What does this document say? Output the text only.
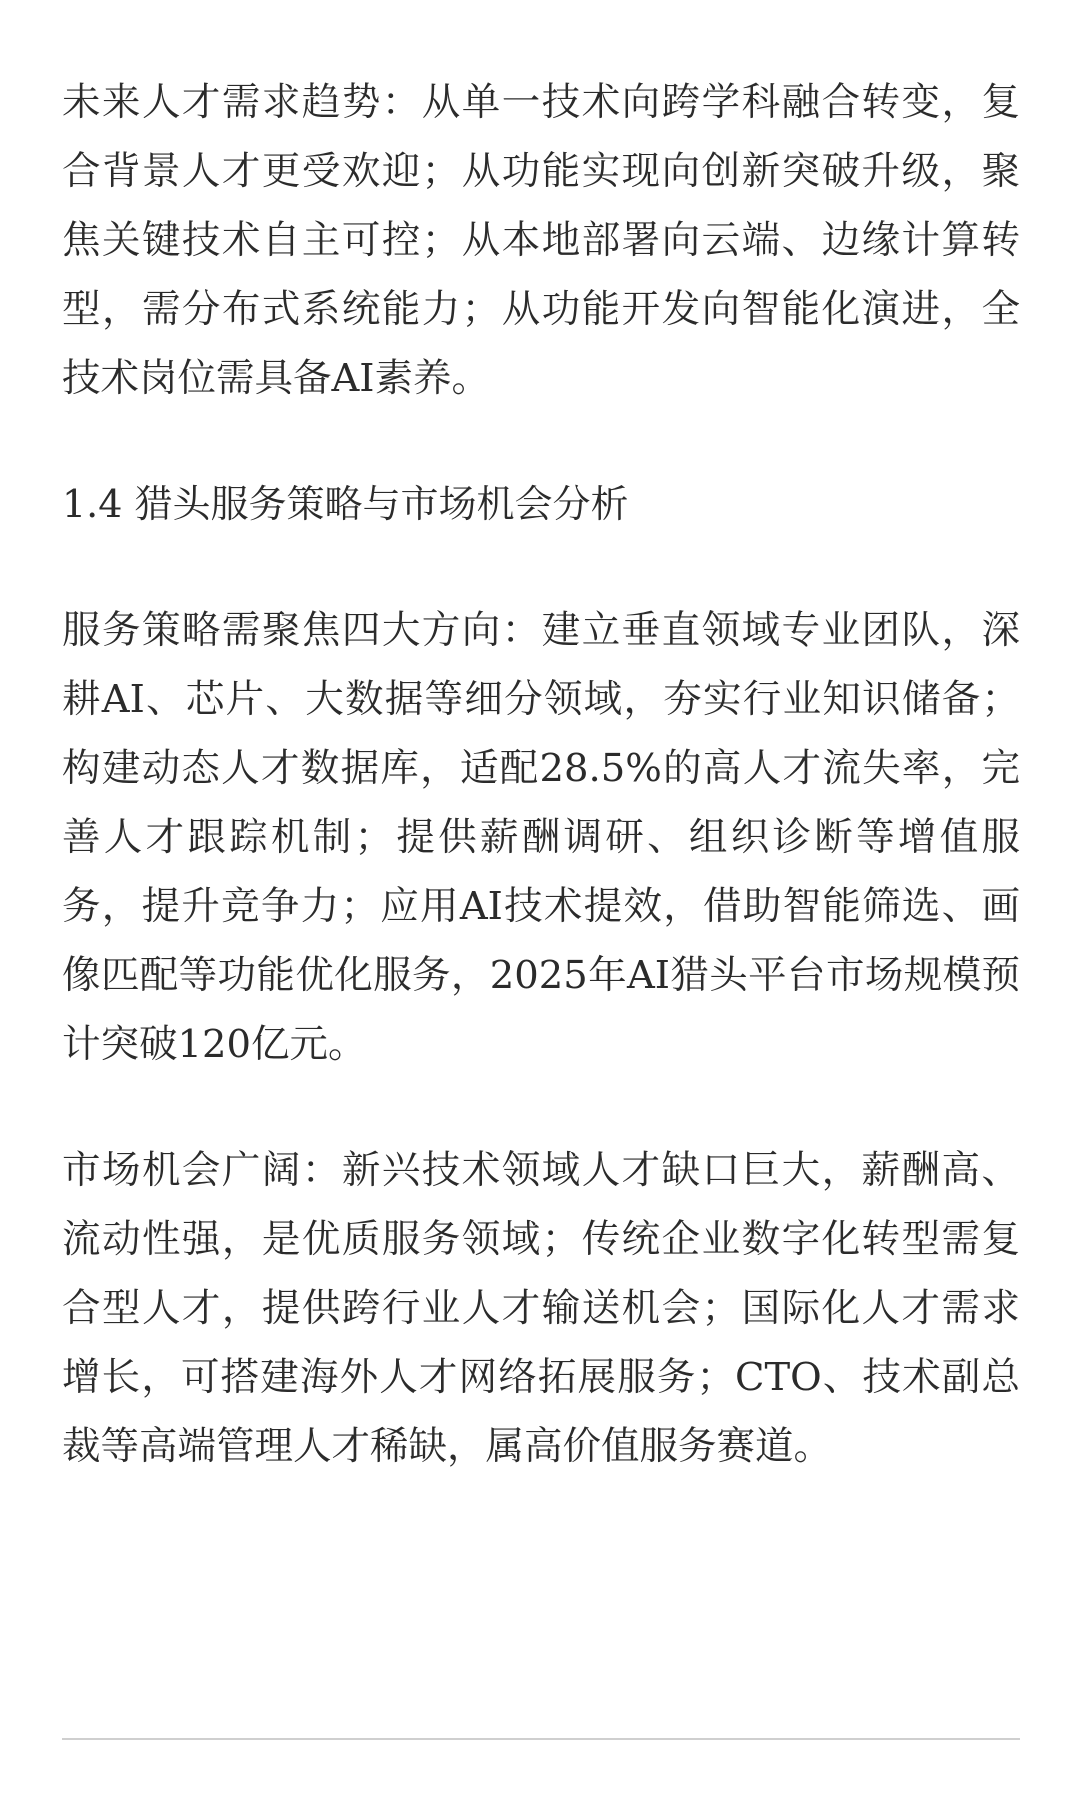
未来人才需求趋势：从单一技术向跨学科融合转变，复合背景人才更受欢迎；从功能实现向创新突破升级，聚焦关键技术自主可控；从本地部署向云端、边缘计算转型，需分布式系统能力；从功能开发向智能化演进，全技术岗位需具备AI素养。

1.4 猎头服务策略与市场机会分析

服务策略需聚焦四大方向：建立垂直领域专业团队，深耕AI、芯片、大数据等细分领域，夯实行业知识储备；构建动态人才数据库，适配28.5%的高人才流失率，完善人才跟踪机制；提供薪酬调研、组织诊断等增值服务，提升竞争力；应用AI技术提效，借助智能筛选、画像匹配等功能优化服务，2025年AI猎头平台市场规模预计突破120亿元。

市场机会广阔：新兴技术领域人才缺口巨大，薪酬高、流动性强，是优质服务领域；传统企业数字化转型需复合型人才，提供跨行业人才输送机会；国际化人才需求增长，可搭建海外人才网络拓展服务；CTO、技术副总裁等高端管理人才稀缺，属高价值服务赛道。
